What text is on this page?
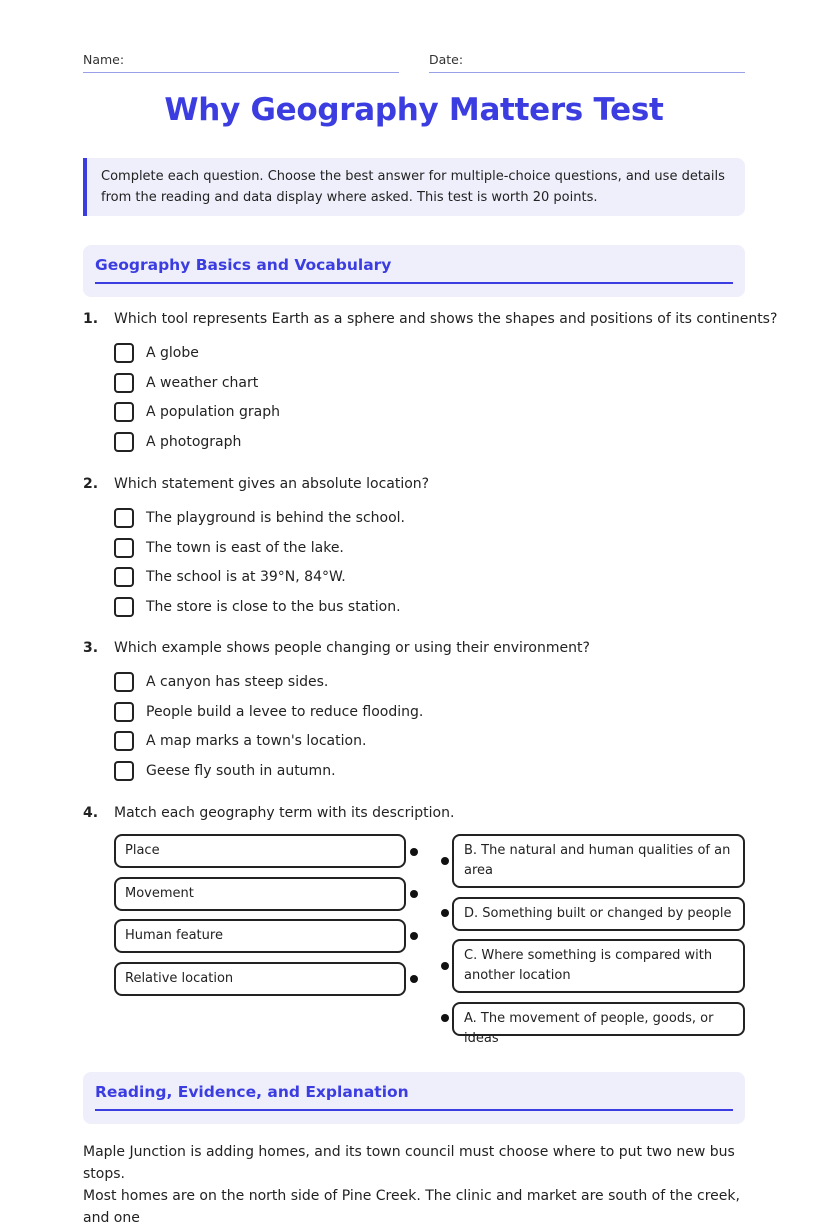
Name:	Date:
Why Geography Matters Test
Complete each question. Choose the best answer for multiple-choice questions, and use details from the reading and data display where asked. This test is worth 20 points.
Geography Basics and Vocabulary
1. Which tool represents Earth as a sphere and shows the shapes and positions of its continents?
A globe
A weather chart
A population graph
A photograph
2. Which statement gives an absolute location?
The playground is behind the school.
The town is east of the lake.
The school is at 39°N, 84°W.
The store is close to the bus station.
3. Which example shows people changing or using their environment?
A canyon has steep sides.
People build a levee to reduce flooding.
A map marks a town's location.
Geese fly south in autumn.
4. Match each geography term with its description.
Place
Movement
Human feature
Relative location
B. The natural and human qualities of an area
D. Something built or changed by people
C. Where something is compared with another location
A. The movement of people, goods, or ideas
Reading, Evidence, and Explanation
Maple Junction is adding homes, and its town council must choose where to put two new bus stops.
Most homes are on the north side of Pine Creek. The clinic and market are south of the creek, and one
